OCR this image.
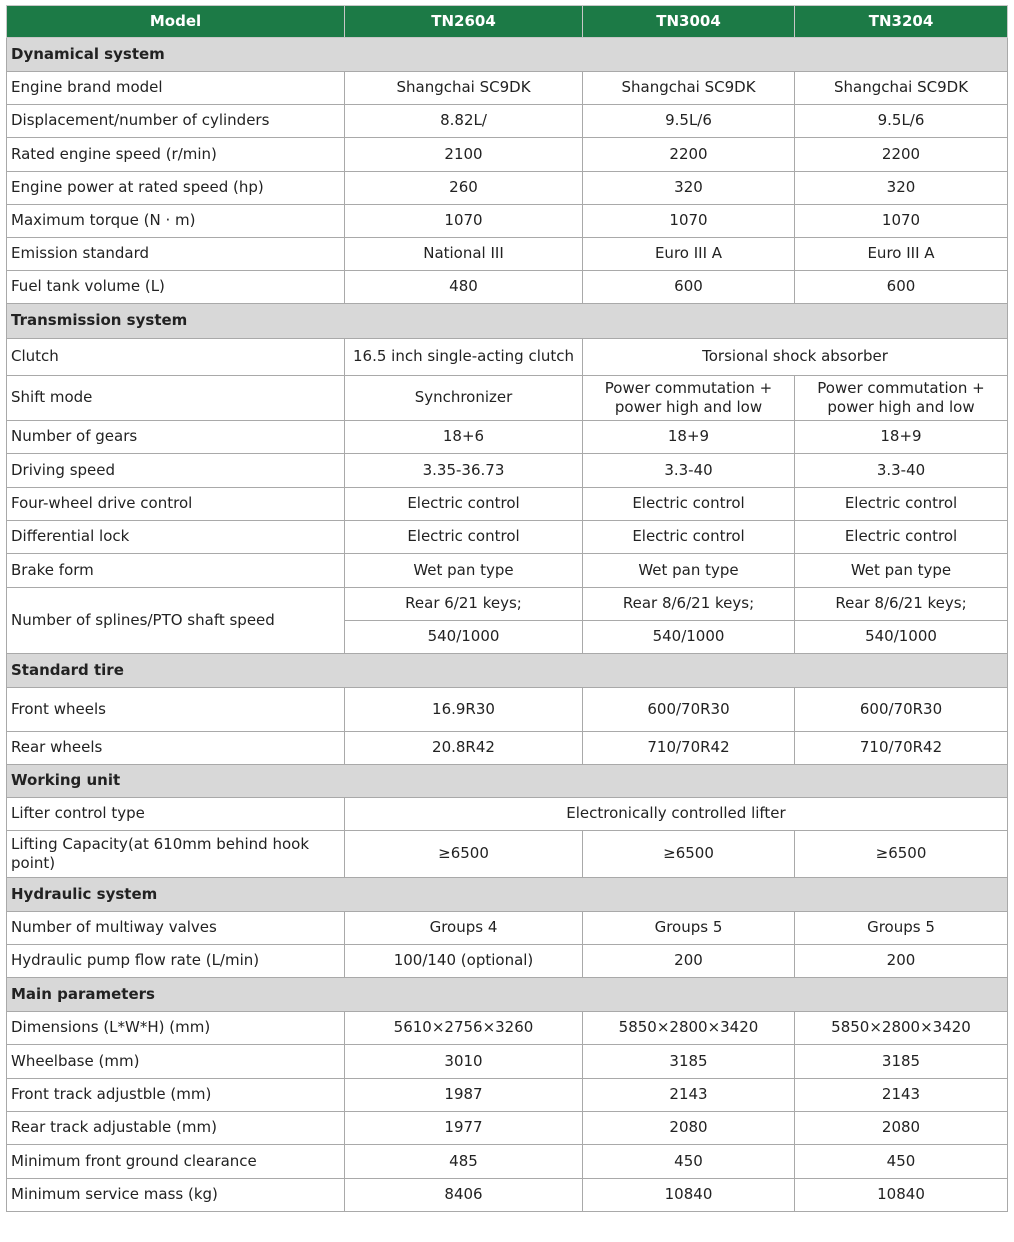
Model	TN2604	TN3004	TN3204
Dynamical system			
Engine brand model	Shangchai SC9DK	Shangchai SC9DK	Shangchai SC9DK
Displacement/number of cylinders	8.82L/	9.5L/6	9.5L/6
Rated engine speed (r/min)	2100	2200	2200
Engine power at rated speed (hp)	260	320	320
Maximum torque (N · m)	1070	1070	1070
Emission standard	National III	Euro III A	Euro III A
Fuel tank volume (L)	480	600	600
Transmission system			
Clutch	16.5 inch single-acting clutch	Torsional shock absorber	
Shift mode	Synchronizer	Power commutation + power high and low	Power commutation + power high and low
Number of gears	18+6	18+9	18+9
Driving speed	3.35-36.73	3.3-40	3.3-40
Four-wheel drive control	Electric control	Electric control	Electric control
Differential lock	Electric control	Electric control	Electric control
Brake form	Wet pan type	Wet pan type	Wet pan type
Number of splines/PTO shaft speed	Rear 6/21 keys;	Rear 8/6/21 keys;	Rear 8/6/21 keys;
	540/1000	540/1000	540/1000
Standard tire			
Front wheels	16.9R30	600/70R30	600/70R30
Rear wheels	20.8R42	710/70R42	710/70R42
Working unit			
Lifter control type	Electronically controlled lifter		
Lifting Capacity(at 610mm behind hook point)	≥6500	≥6500	≥6500
Hydraulic system			
Number of multiway valves	Groups 4	Groups 5	Groups 5
Hydraulic pump flow rate (L/min)	100/140 (optional)	200	200
Main parameters			
Dimensions (L*W*H) (mm)	5610×2756×3260	5850×2800×3420	5850×2800×3420
Wheelbase (mm)	3010	3185	3185
Front track adjustble (mm)	1987	2143	2143
Rear track adjustable (mm)	1977	2080	2080
Minimum front ground clearance	485	450	450
Minimum service mass (kg)	8406	10840	10840
